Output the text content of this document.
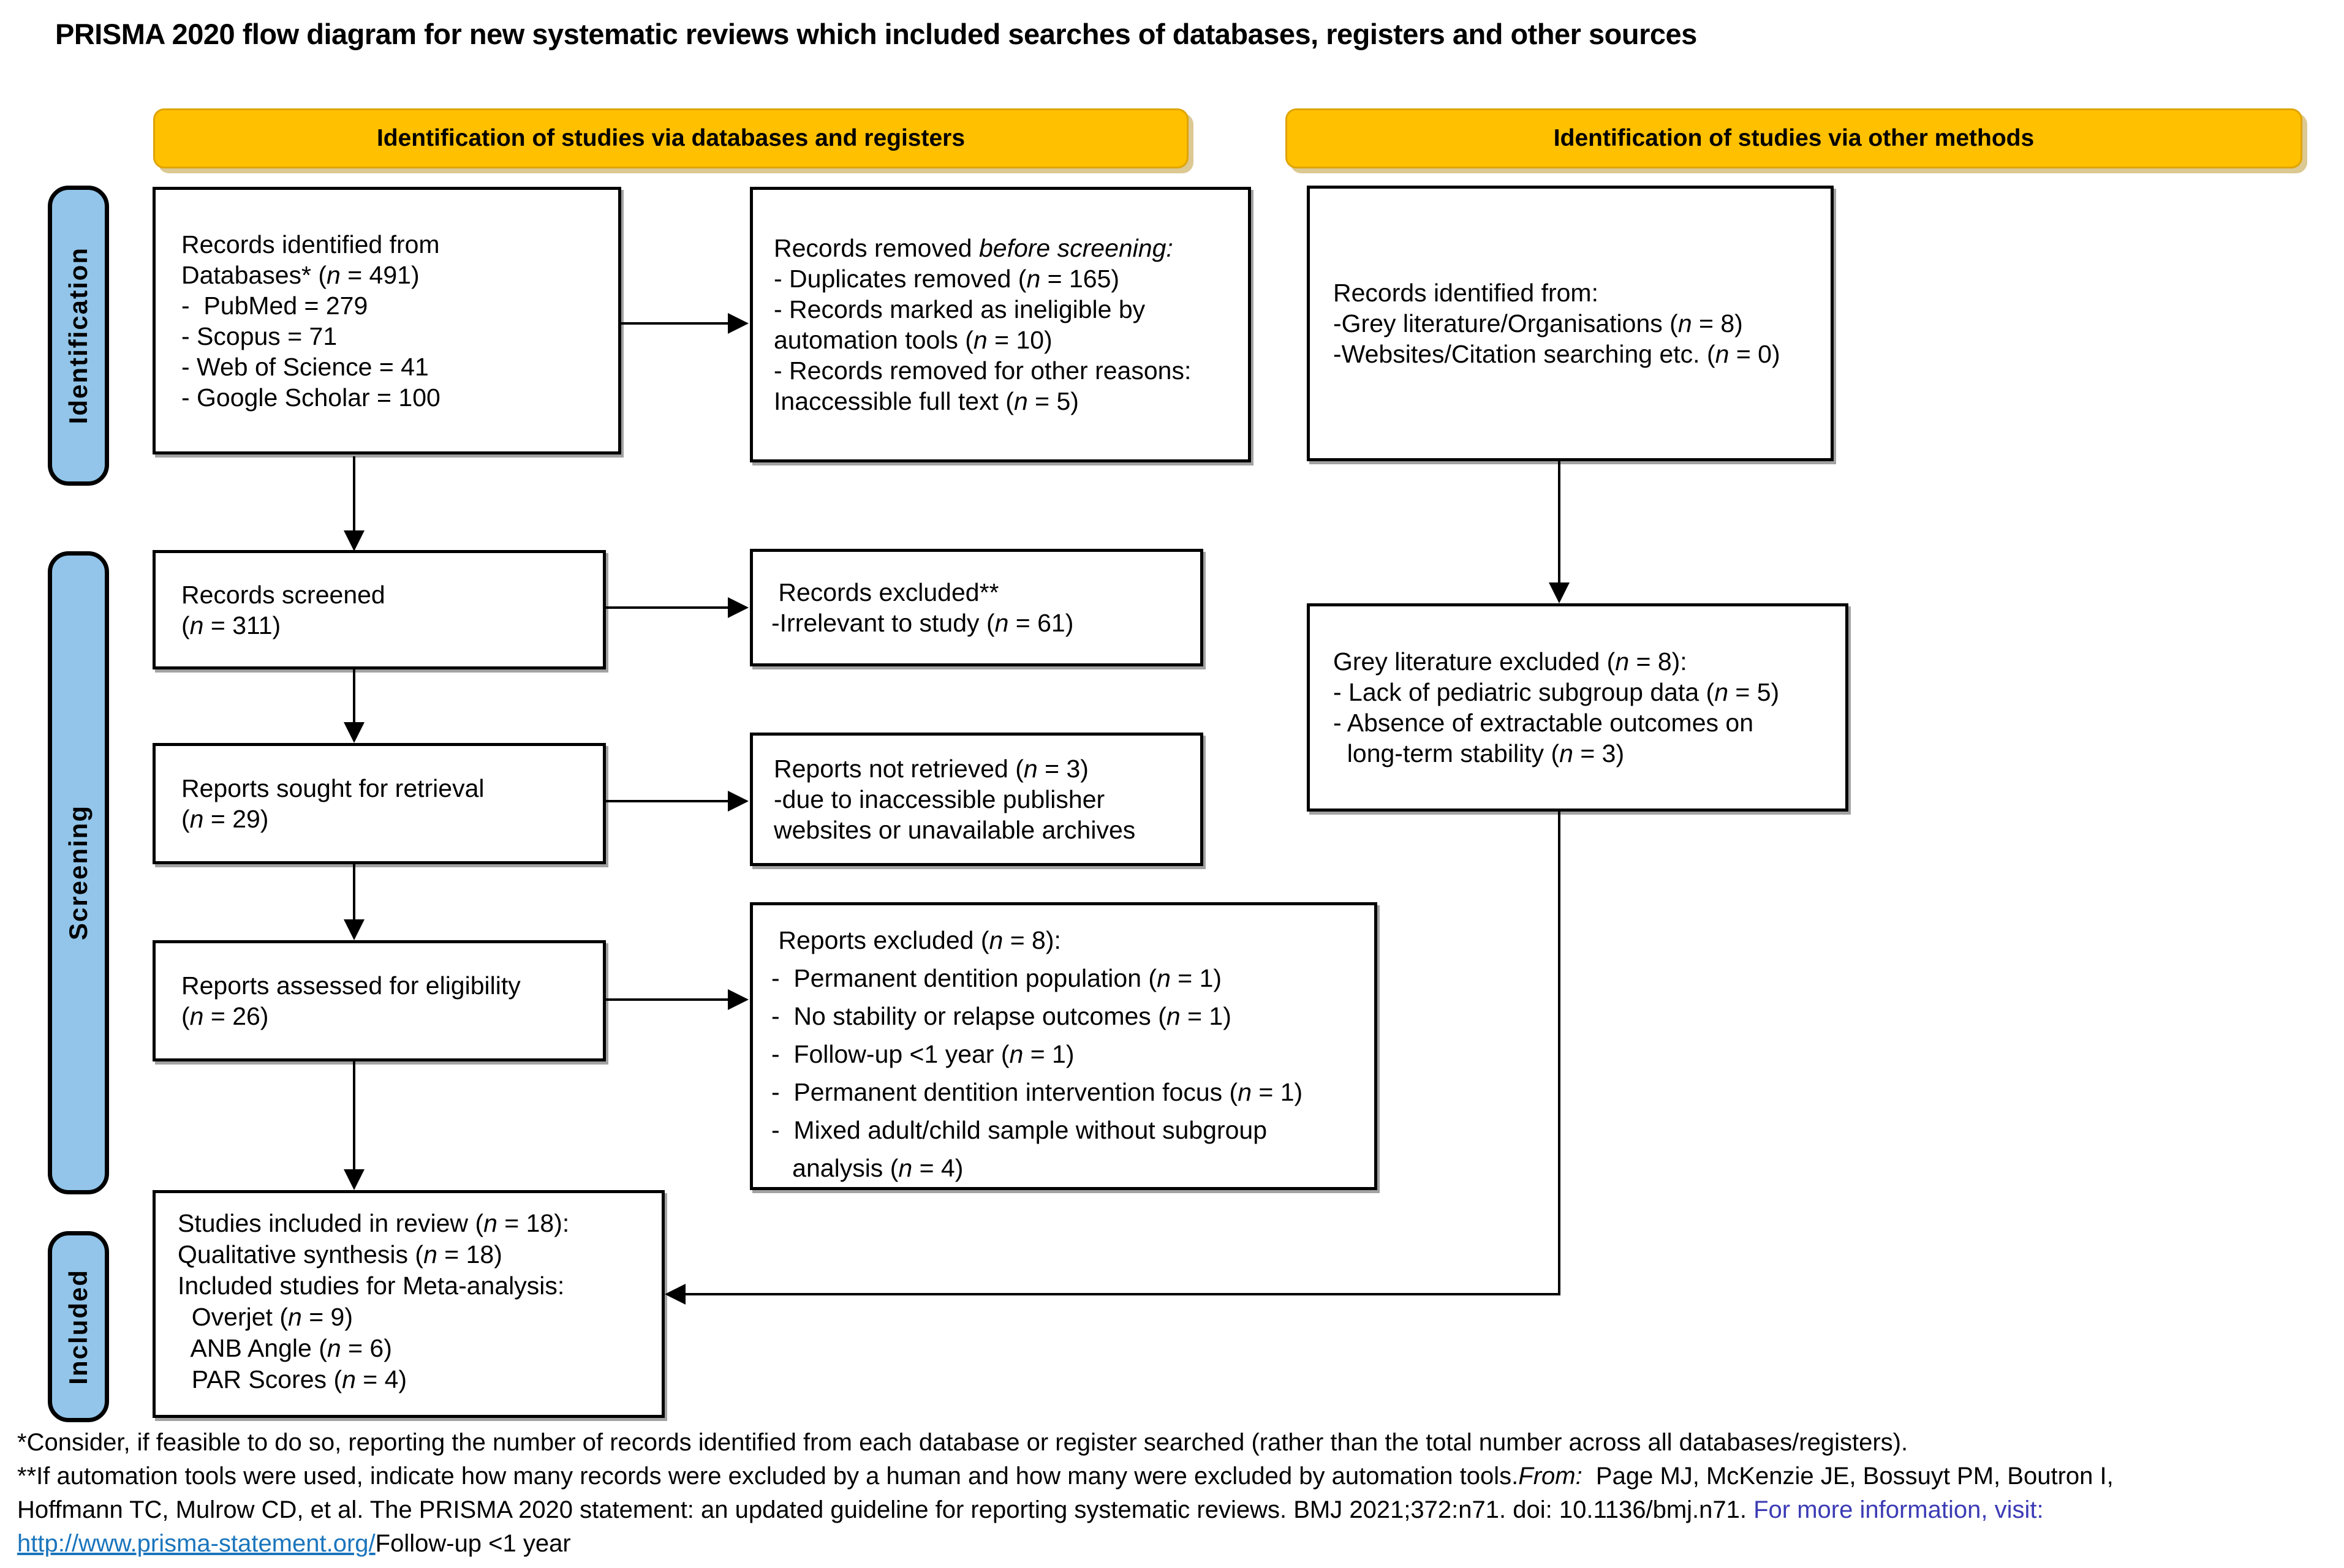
PRISMA 2020 flow diagram for new systematic reviews which included searches of databases, registers and other sources
Identification of studies via databases and registers	Identification of studies via other methods
Identification
Screening
Included
Records identified from
Databases* (n = 491)
-  PubMed = 279
- Scopus = 71
- Web of Science = 41
- Google Scholar = 100
Records removed before screening:
- Duplicates removed (n = 165)
- Records marked as ineligible by
automation tools (n = 10)
- Records removed for other reasons:
Inaccessible full text (n = 5)
Records identified from:
-Grey literature/Organisations (n = 8)
-Websites/Citation searching etc. (n = 0)
Records screened
(n = 311)
Records excluded**
-Irrelevant to study (n = 61)
Reports sought for retrieval
(n = 29)
Reports not retrieved (n = 3)
-due to inaccessible publisher
websites or unavailable archives
Grey literature excluded (n = 8):
- Lack of pediatric subgroup data (n = 5)
- Absence of extractable outcomes on
long-term stability (n = 3)
Reports assessed for eligibility
(n = 26)
Reports excluded (n = 8):
-  Permanent dentition population (n = 1)
-  No stability or relapse outcomes (n = 1)
-  Follow-up <1 year (n = 1)
-  Permanent dentition intervention focus (n = 1)
-  Mixed adult/child sample without subgroup
analysis (n = 4)
Studies included in review (n = 18):
Qualitative synthesis (n = 18)
Included studies for Meta-analysis:
Overjet (n = 9)
ANB Angle (n = 6)
PAR Scores (n = 4)
*Consider, if feasible to do so, reporting the number of records identified from each database or register searched (rather than the total number across all databases/registers).
**If automation tools were used, indicate how many records were excluded by a human and how many were excluded by automation tools.From:  Page MJ, McKenzie JE, Bossuyt PM, Boutron I,
Hoffmann TC, Mulrow CD, et al. The PRISMA 2020 statement: an updated guideline for reporting systematic reviews. BMJ 2021;372:n71. doi: 10.1136/bmj.n71. For more information, visit:
http://www.prisma-statement.org/Follow-up <1 year
